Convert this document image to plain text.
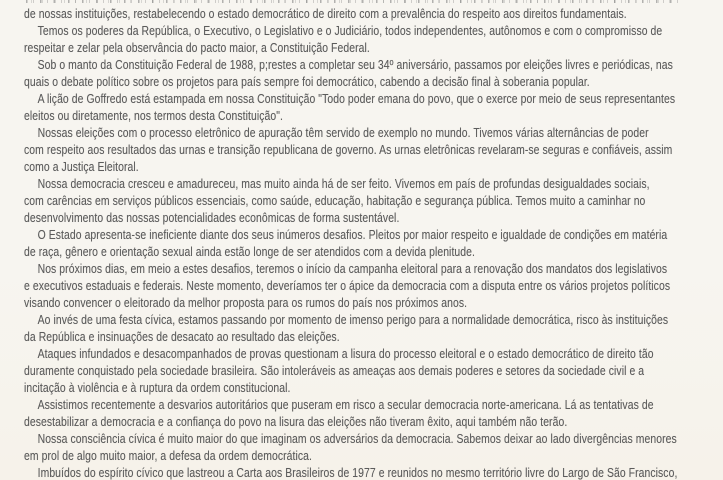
de nossas instituições, restabelecendo o estado democrático de direito com a prevalência do respeito aos direitos fundamentais.
Temos os poderes da República, o Executivo, o Legislativo e o Judiciário, todos independentes, autônomos e com o compromisso de
respeitar e zelar pela observância do pacto maior, a Constituição Federal.
Sob o manto da Constituição Federal de 1988, p;restes a completar seu 34º aniversário, passamos por eleições livres e periódicas, nas
quais o debate político sobre os projetos para país sempre foi democrático, cabendo a decisão final à soberania popular.
A lição de Goffredo está estampada em nossa Constituição "Todo poder emana do povo, que o exerce por meio de seus representantes
eleitos ou diretamente, nos termos desta Constituição".
Nossas eleições com o processo eletrônico de apuração têm servido de exemplo no mundo. Tivemos várias alternâncias de poder
com respeito aos resultados das urnas e transição republicana de governo. As urnas eletrônicas revelaram-se seguras e confiáveis, assim
como a Justiça Eleitoral.
Nossa democracia cresceu e amadureceu, mas muito ainda há de ser feito. Vivemos em país de profundas desigualdades sociais,
com carências em serviços públicos essenciais, como saúde, educação, habitação e segurança pública. Temos muito a caminhar no
desenvolvimento das nossas potencialidades econômicas de forma sustentável.
O Estado apresenta-se ineficiente diante dos seus inúmeros desafios. Pleitos por maior respeito e igualdade de condições em matéria
de raça, gênero e orientação sexual ainda estão longe de ser atendidos com a devida plenitude.
Nos próximos dias, em meio a estes desafios, teremos o início da campanha eleitoral para a renovação dos mandatos dos legislativos
e executivos estaduais e federais. Neste momento, deveríamos ter o ápice da democracia com a disputa entre os vários projetos políticos
visando convencer o eleitorado da melhor proposta para os rumos do país nos próximos anos.
Ao invés de uma festa cívica, estamos passando por momento de imenso perigo para a normalidade democrática, risco às instituições
da República e insinuações de desacato ao resultado das eleições.
Ataques infundados e desacompanhados de provas questionam a lisura do processo eleitoral e o estado democrático de direito tão
duramente conquistado pela sociedade brasileira. São intoleráveis as ameaças aos demais poderes e setores da sociedade civil e a
incitação à violência e à ruptura da ordem constitucional.
Assistimos recentemente a desvarios autoritários que puseram em risco a secular democracia norte-americana. Lá as tentativas de
desestabilizar a democracia e a confiança do povo na lisura das eleições não tiveram êxito, aqui também não terão.
Nossa consciência cívica é muito maior do que imaginam os adversários da democracia. Sabemos deixar ao lado divergências menores
em prol de algo muito maior, a defesa da ordem democrática.
Imbuídos do espírito cívico que lastreou a Carta aos Brasileiros de 1977 e reunidos no mesmo território livre do Largo de São Francisco,
